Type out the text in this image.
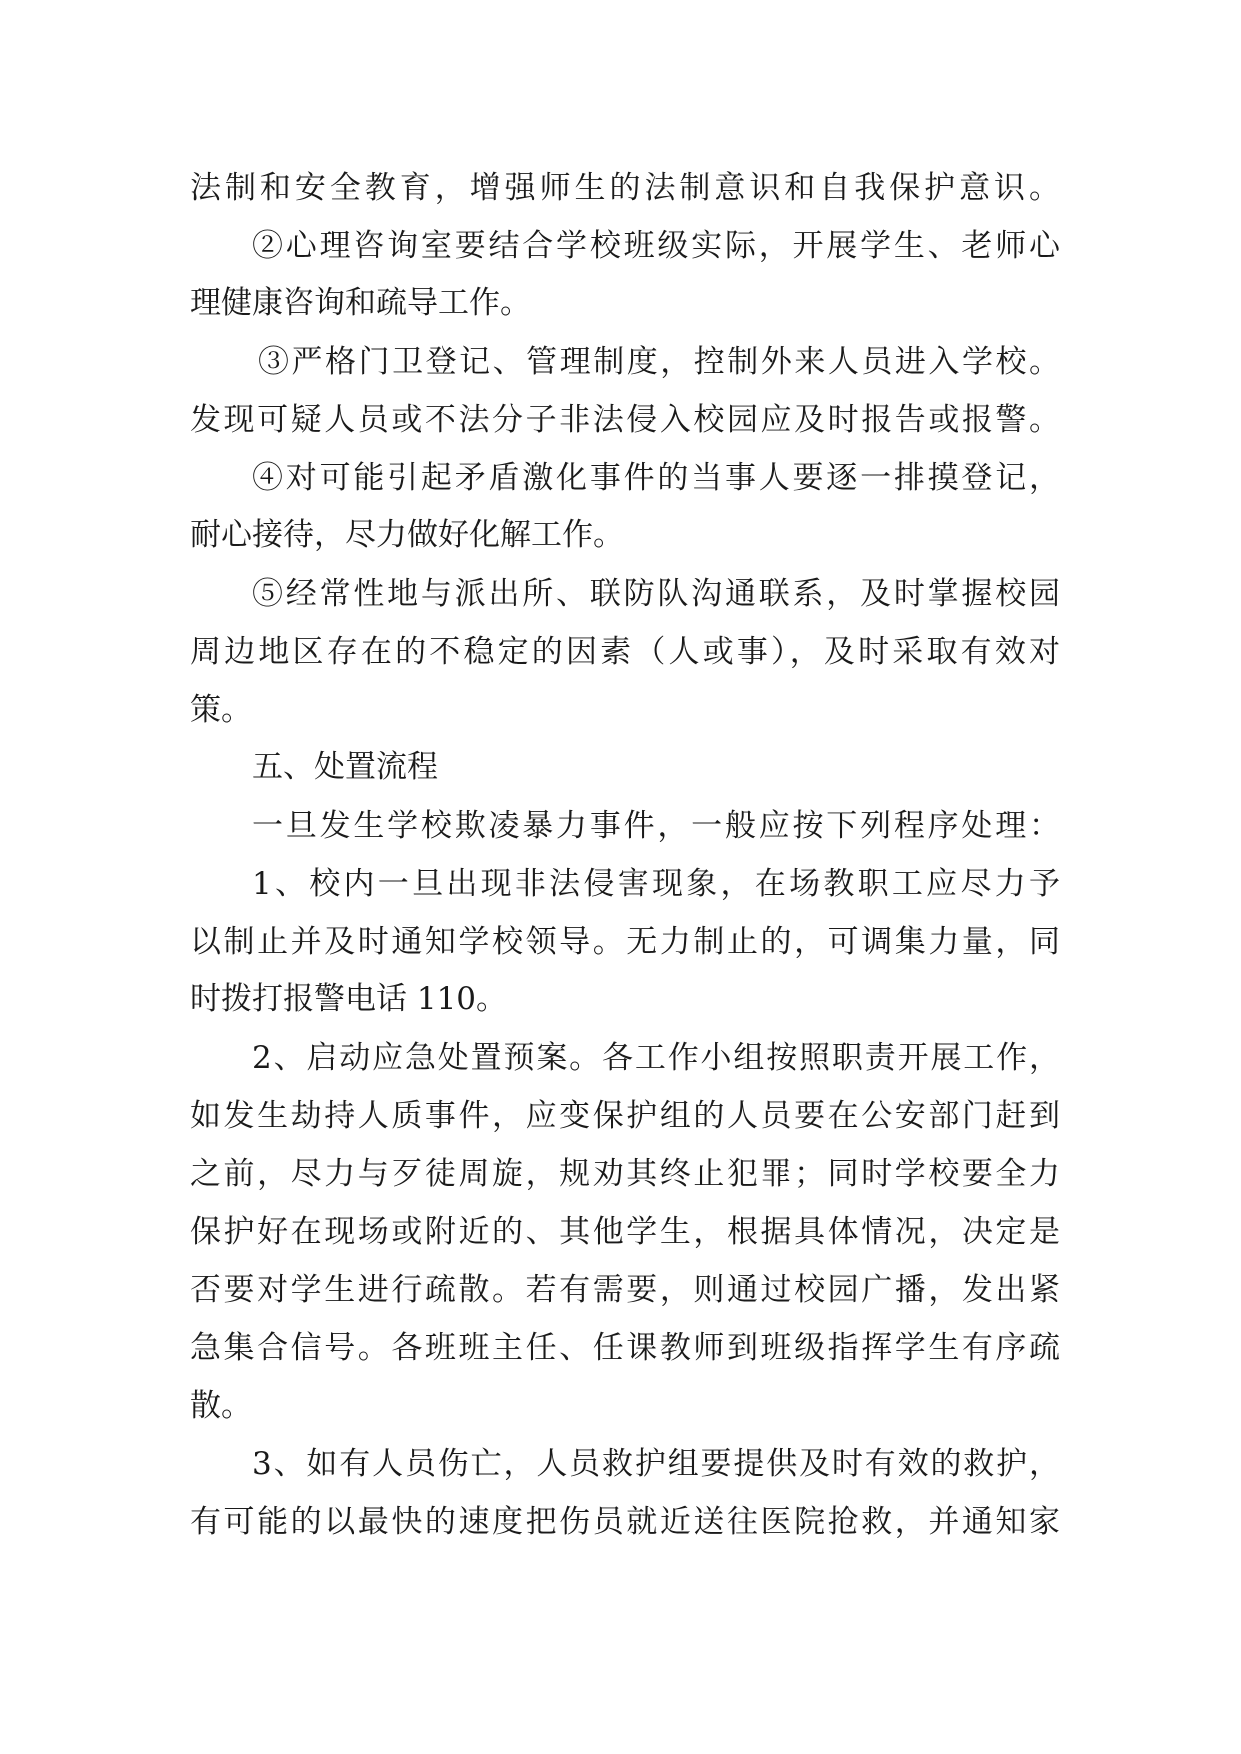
法制和安全教育，增强师生的法制意识和自我保护意识。
②心理咨询室要结合学校班级实际，开展学生、老师心
理健康咨询和疏导工作。
③严格门卫登记、管理制度，控制外来人员进入学校。
发现可疑人员或不法分子非法侵入校园应及时报告或报警。
④对可能引起矛盾激化事件的当事人要逐一排摸登记，
耐心接待，尽力做好化解工作。
⑤经常性地与派出所、联防队沟通联系，及时掌握校园
周边地区存在的不稳定的因素（人或事），及时采取有效对
策。
五、处置流程
一旦发生学校欺凌暴力事件，一般应按下列程序处理：
1、校内一旦出现非法侵害现象，在场教职工应尽力予
以制止并及时通知学校领导。无力制止的，可调集力量，同
时拨打报警电话 110。
2、启动应急处置预案。各工作小组按照职责开展工作，
如发生劫持人质事件，应变保护组的人员要在公安部门赶到
之前，尽力与歹徒周旋，规劝其终止犯罪；同时学校要全力
保护好在现场或附近的、其他学生，根据具体情况，决定是
否要对学生进行疏散。若有需要，则通过校园广播，发出紧
急集合信号。各班班主任、任课教师到班级指挥学生有序疏
散。
3、如有人员伤亡，人员救护组要提供及时有效的救护，
有可能的以最快的速度把伤员就近送往医院抢救，并通知家
